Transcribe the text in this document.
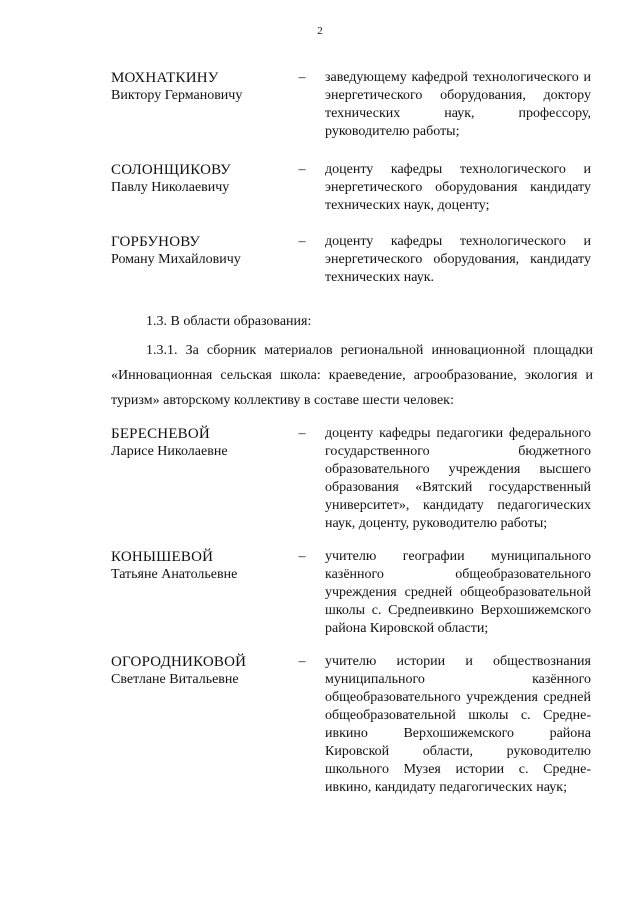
2
МОХНАТКИНУ
Виктору Германовичу
– заведующему кафедрой технологического и энергетического оборудования, доктору технических наук, профессору, руководителю работы;
СОЛОНЩИКОВУ
Павлу Николаевичу
– доценту кафедры технологического и энергетического оборудования кандидату технических наук, доценту;
ГОРБУНОВУ
Роману Михайловичу
– доценту кафедры технологического и энергетического оборудования, кандидату технических наук.
1.3. В области образования:
1.3.1. За сборник материалов региональной инновационной площадки «Инновационная сельская школа: краеведение, агрообразование, экология и туризм» авторскому коллективу в составе шести человек:
БЕРЕСНЕВОЙ
Ларисе Николаевне
– доценту кафедры педагогики федерального государственного бюджетного образовательного учреждения высшего образования «Вятский государственный университет», кандидату педагогических наук, доценту, руководителю работы;
КОНЫШЕВОЙ
Татьяне Анатольевне
– учителю географии муниципального казённого общеобразовательного учреждения средней общеобразовательной школы с. Средneивкино Верхошижемского района Кировской области;
ОГОРОДНИКОВОЙ
Светлане Витальевне
– учителю истории и обществознания муниципального казённого общеобразовательного учреждения средней общеобразовательной школы с. Средне-ивкино Верхошижемского района Кировской области, руководителю школьного Музея истории с. Средне-ивкино, кандидату педагогических наук;
